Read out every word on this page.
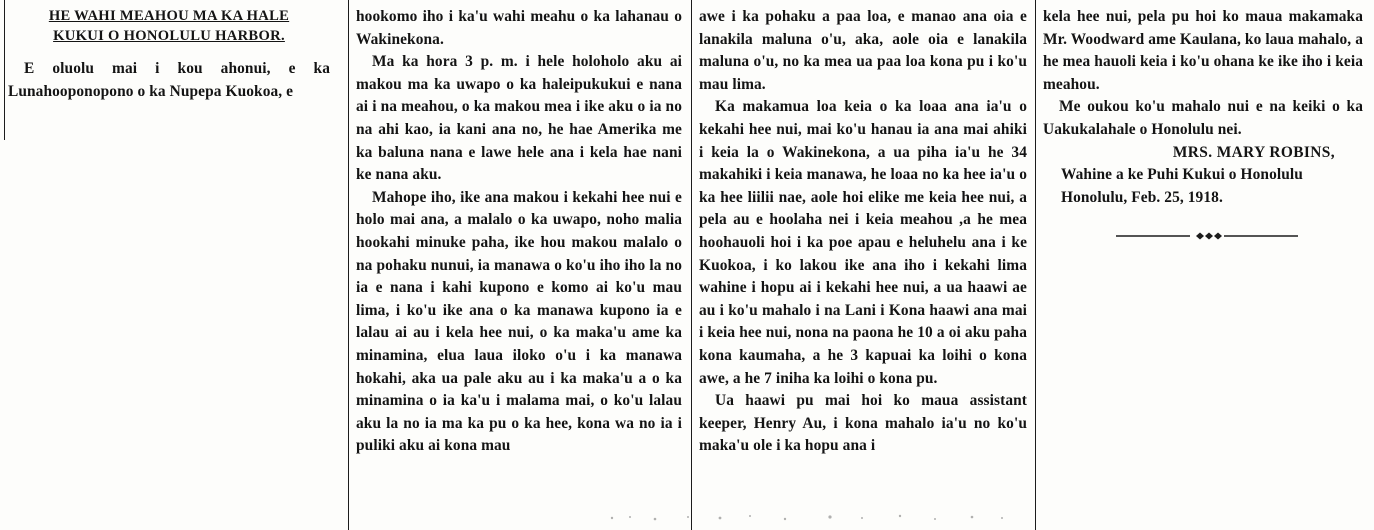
HE WAHI MEAHOU MA KA HALE
KUKUI O HONOLULU HARBOR.

E oluolu mai i kou ahonui, e ka Lunahooponopono o ka Nupepa Kuokoa, e

hookomo iho i ka'u wahi meahu o ka lahanau o Wakinekona.

Ma ka hora 3 p. m. i hele holoholo aku ai makou ma ka uwapo o ka haleipukukui e nana ai i na meahou, o ka makou mea i ike aku o ia no na ahi kao, ia kani ana no, he hae Amerika me ka baluna nana e lawe hele ana i kela hae nani ke nana aku.

Mahope iho, ike ana makou i kekahi hee nui e holo mai ana, a malalo o ka uwapo, noho malia hookahi minuke paha, ike hou makou malalo o na pohaku nunui, ia manawa o ko'u iho iho la no ia e nana i kahi kupono e komo ai ko'u mau lima, i ko'u ike ana o ka manawa kupono ia e lalau ai au i kela hee nui, o ka maka'u ame ka minamina, elua laua iloko o'u i ka manawa hokahi, aka ua pale aku au i ka maka'u a o ka minamina o ia ka'u i malama mai, o ko'u lalau aku la no ia ma ka pu o ka hee, kona wa no ia i puliki aku ai kona mau

awe i ka pohaku a paa loa, e manao ana oia e lanakila maluna o'u, aka, aole oia e lanakila maluna o'u, no ka mea ua paa loa kona pu i ko'u mau lima.

Ka makamua loa keia o ka loaa ana ia'u o kekahi hee nui, mai ko'u hanau ia ana mai ahiki i keia la o Wakinekona, a ua piha ia'u he 34 makahiki i keia manawa, he loaa no ka hee ia'u o ka hee liilii nae, aole hoi elike me keia hee nui, a pela au e hoolaha nei i keia meahou ,a he mea hoohauoli hoi i ka poe apau e heluhelu ana i ke Kuokoa, i ko lakou ike ana iho i kekahi lima wahine i hopu ai i kekahi hee nui, a ua haawi ae au i ko'u mahalo i na Lani i Kona haawi ana mai i keia hee nui, nona na paona he 10 a oi aku paha kona kaumaha, a he 3 kapuai ka loihi o kona awe, a he 7 iniha ka loihi o kona pu.

Ua haawi pu mai hoi ko maua assistant keeper, Henry Au, i kona mahalo ia'u no ko'u maka'u ole i ka hopu ana i

kela hee nui, pela pu hoi ko maua makamaka Mr. Woodward ame Kaulana, ko laua mahalo, a he mea hauoli keia i ko'u ohana ke ike iho i keia meahou.

Me oukou ko'u mahalo nui e na keiki o ka Uakukalahale o Honolulu nei.

MRS. MARY ROBINS,
Wahine a ke Puhi Kukui o Honolulu
Honolulu, Feb. 25, 1918.
